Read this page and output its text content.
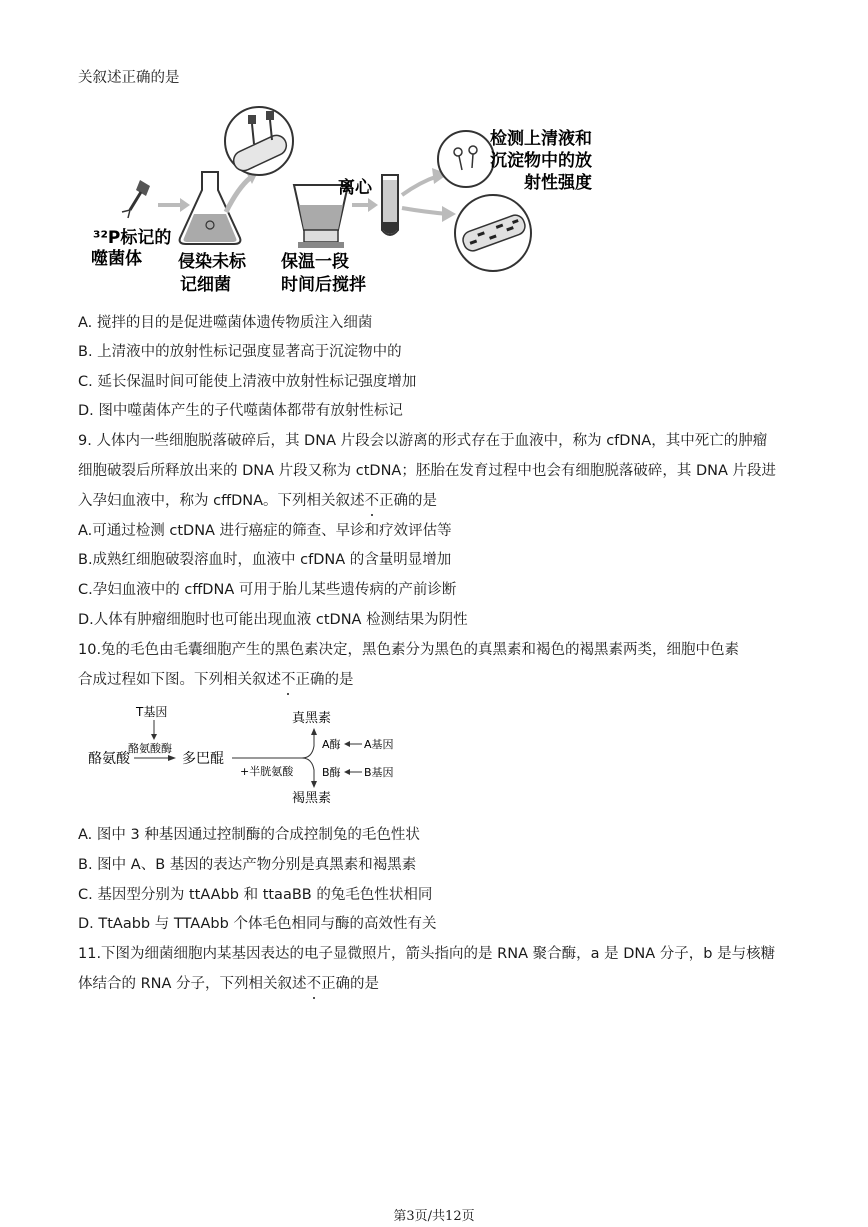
关叙述正确的是
³²P标记的
噬菌体 侵染未标
记细菌
保温一段
时间后搅拌
离心
检测上清液和
沉淀物中的放
射性强度
A. 搅拌的目的是促进噬菌体遗传物质注入细菌
B. 上清液中的放射性标记强度显著高于沉淀物中的
C. 延长保温时间可能使上清液中放射性标记强度增加
D. 图中噬菌体产生的子代噬菌体都带有放射性标记
9. 人体内一些细胞脱落破碎后，其 DNA 片段会以游离的形式存在于血液中，称为 cfDNA，其中死亡的肿瘤
细胞破裂后所释放出来的 DNA 片段又称为 ctDNA；胚胎在发育过程中也会有细胞脱落破碎，其 DNA 片段进
入孕妇血液中，称为 cffDNA。下列相关叙述不正确的是
A.可通过检测 ctDNA 进行癌症的筛查、早诊和疗效评估等
B.成熟红细胞破裂溶血时，血液中 cfDNA 的含量明显增加
C.孕妇血液中的 cffDNA 可用于胎儿某些遗传病的产前诊断
D.人体有肿瘤细胞时也可能出现血液 ctDNA 检测结果为阴性
10.兔的毛色由毛囊细胞产生的黑色素决定，黑色素分为黑色的真黑素和褐色的褐黑素两类，细胞中色素
合成过程如下图。下列相关叙述不正确的是
T基因
酪氨酸酶
酪氨酸	多巴醌
+半胱氨酸
真黑素
褐黑素
A酶 A基因
B酶 B基因
A. 图中 3 种基因通过控制酶的合成控制兔的毛色性状
B. 图中 A、B 基因的表达产物分别是真黑素和褐黑素
C. 基因型分别为 ttAAbb 和 ttaaBB 的兔毛色性状相同
D. TtAabb 与 TTAAbb 个体毛色相同与酶的高效性有关
11.下图为细菌细胞内某基因表达的电子显微照片，箭头指向的是 RNA 聚合酶，a 是 DNA 分子，b 是与核糖
体结合的 RNA 分子，下列相关叙述不正确的是
第3页/共12页
